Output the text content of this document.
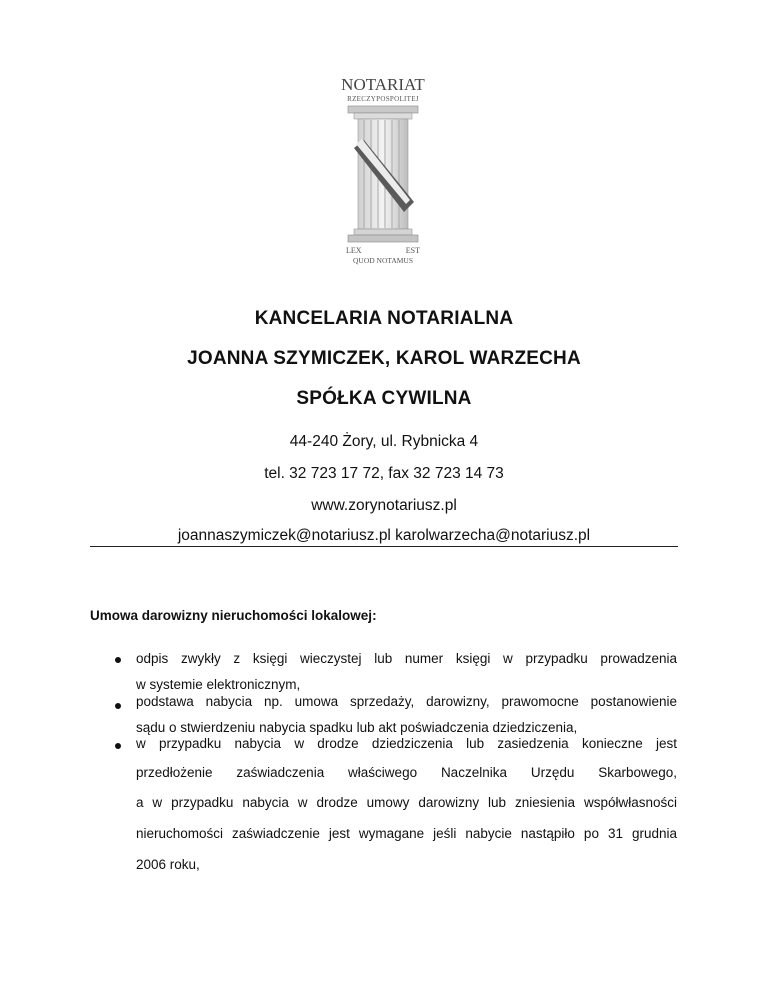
NOTARIAT
RZECZYPOSPOLITEJ
LEX	EST
QUOD NOTAMUS
KANCELARIA NOTARIALNA
JOANNA SZYMICZEK, KAROL WARZECHA
SPÓŁKA CYWILNA
44-240 Żory, ul. Rybnicka 4
tel. 32 723 17 72, fax 32 723 14 73
www.zorynotariusz.pl
joannaszymiczek@notariusz.pl karolwarzecha@notariusz.pl
Umowa darowizny nieruchomości lokalowej:
odpis zwykły z księgi wieczystej lub numer księgi w przypadku prowadzenia
w systemie elektronicznym,
podstawa nabycia np. umowa sprzedaży, darowizny, prawomocne postanowienie
sądu o stwierdzeniu nabycia spadku lub akt poświadczenia dziedziczenia,
w przypadku nabycia w drodze dziedziczenia lub zasiedzenia konieczne jest
przedłożenie zaświadczenia właściwego Naczelnika Urzędu Skarbowego,
a w przypadku nabycia w drodze umowy darowizny lub zniesienia współwłasności
nieruchomości zaświadczenie jest wymagane jeśli nabycie nastąpiło po 31 grudnia
2006 roku,
